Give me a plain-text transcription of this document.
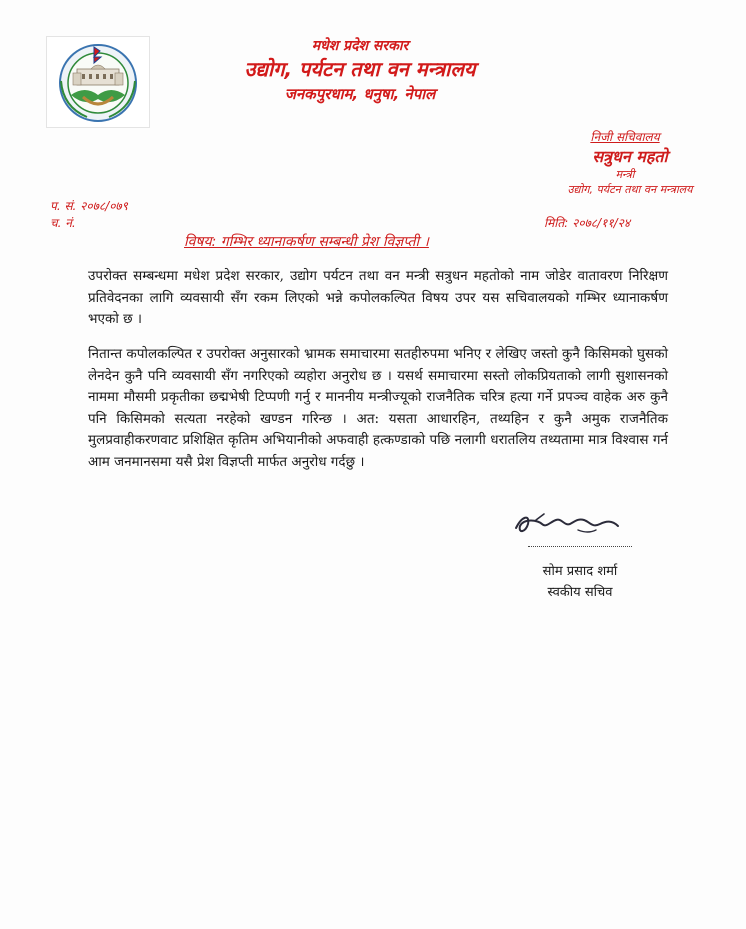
मधेश प्रदेश सरकार
उद्योग, पर्यटन तथा वन मन्त्रालय
जनकपुरधाम, धनुषा, नेपाल
निजी सचिवालय
सत्रुधन महतो
मन्त्री
उद्योग, पर्यटन तथा वन मन्त्रालय
प. सं. २०७८/०७९
च. नं.	मिति: २०७८/११/२४
विषय: गम्भिर ध्यानाकर्षण सम्बन्धी प्रेश विज्ञप्ती ।

उपरोक्त सम्बन्धमा मधेश प्रदेश सरकार, उद्योग पर्यटन तथा वन मन्त्री सत्रुधन महतोको नाम जोडेर वातावरण निरिक्षण प्रतिवेदनका लागि व्यवसायी सँग रकम लिएको भन्ने कपोलकल्पित विषय उपर यस सचिवालयको गम्भिर ध्यानाकर्षण भएको छ ।

नितान्त कपोलकल्पित र उपरोक्त अनुसारको भ्रामक समाचारमा सतहीरुपमा भनिए र लेखिए जस्तो कुनै किसिमको घुसको लेनदेन कुनै पनि व्यवसायी सँग नगरिएको व्यहोरा अनुरोध छ । यसर्थ समाचारमा सस्तो लोकप्रियताको लागी सुशासनको नाममा मौसमी प्रकृतीका छद्मभेषी टिप्पणी गर्नु र माननीय मन्त्रीज्यूको राजनैतिक चरित्र हत्या गर्ने प्रपञ्च वाहेक अरु कुनै पनि किसिमको सत्यता नरहेको खण्डन गरिन्छ । अत: यसता आधारहिन, तथ्यहिन र कुनै अमुक राजनैतिक मुलप्रवाहीकरणवाट प्रशिक्षित कृतिम अभियानीको अफवाही हत्कण्डाको पछि नलागी धरातलिय तथ्यतामा मात्र विश्वास गर्न आम जनमानसमा यसै प्रेश विज्ञप्ती मार्फत अनुरोध गर्दछु ।

सोम प्रसाद शर्मा
स्वकीय सचिव
